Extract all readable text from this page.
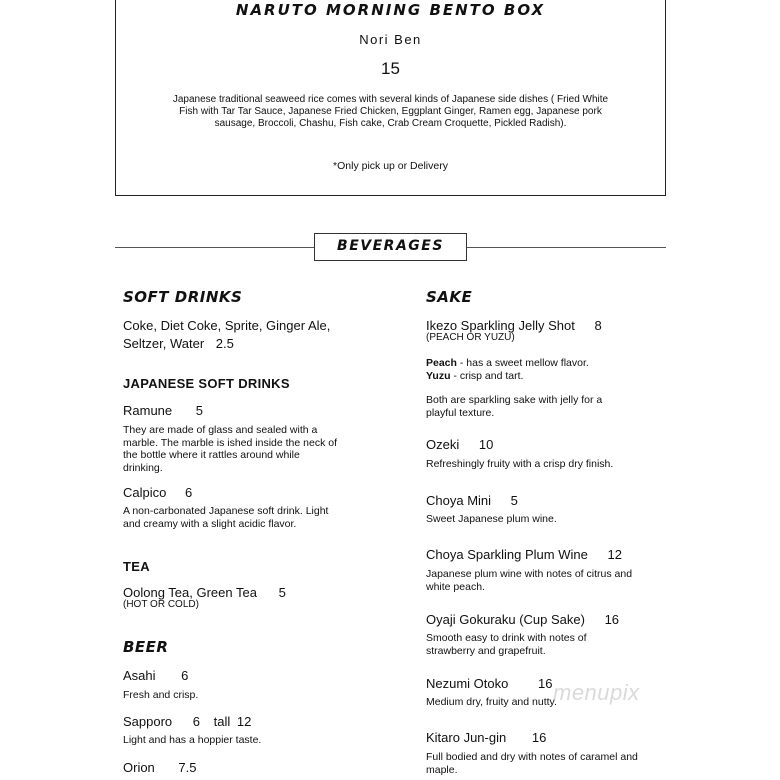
NARUTO MORNING BENTO BOX
Nori Ben
15
Japanese traditional seaweed rice comes with several kinds of Japanese side dishes ( Fried White Fish with Tar Tar Sauce, Japanese Fried Chicken, Eggplant Ginger, Ramen egg, Japanese pork sausage, Broccoli, Chashu, Fish cake, Crab Cream Croquette, Pickled Radish).
*Only pick up or Delivery
BEVERAGES
SOFT DRINKS
Coke, Diet Coke, Sprite, Ginger Ale,
Seltzer, Water 2.5
JAPANESE SOFT DRINKS
Ramune 5
They are made of glass and sealed with a marble. The marble is ished inside the neck of the bottle where it rattles around while drinking.
Calpico 6
A non-carbonated Japanese soft drink. Light and creamy with a slight acidic flavor.
TEA
Oolong Tea, Green Tea 5
(HOT OR COLD)
BEER
Asahi 6
Fresh and crisp.
Sapporo 6 tall 12
Light and has a hoppier taste.
Orion 7.5
SAKE
Ikezo Sparkling Jelly Shot 8
(PEACH OR YUZU)
Peach - has a sweet mellow flavor.
Yuzu - crisp and tart.
Both are sparkling sake with jelly for a playful texture.
Ozeki 10
Refreshingly fruity with a crisp dry finish.
Choya Mini 5
Sweet Japanese plum wine.
Choya Sparkling Plum Wine 12
Japanese plum wine with notes of citrus and white peach.
Oyaji Gokuraku (Cup Sake) 16
Smooth easy to drink with notes of strawberry and grapefruit.
Nezumi Otoko 16
Medium dry, fruity and nutty.
Kitaro Jun-gin 16
Full bodied and dry with notes of caramel and maple.
menupix
